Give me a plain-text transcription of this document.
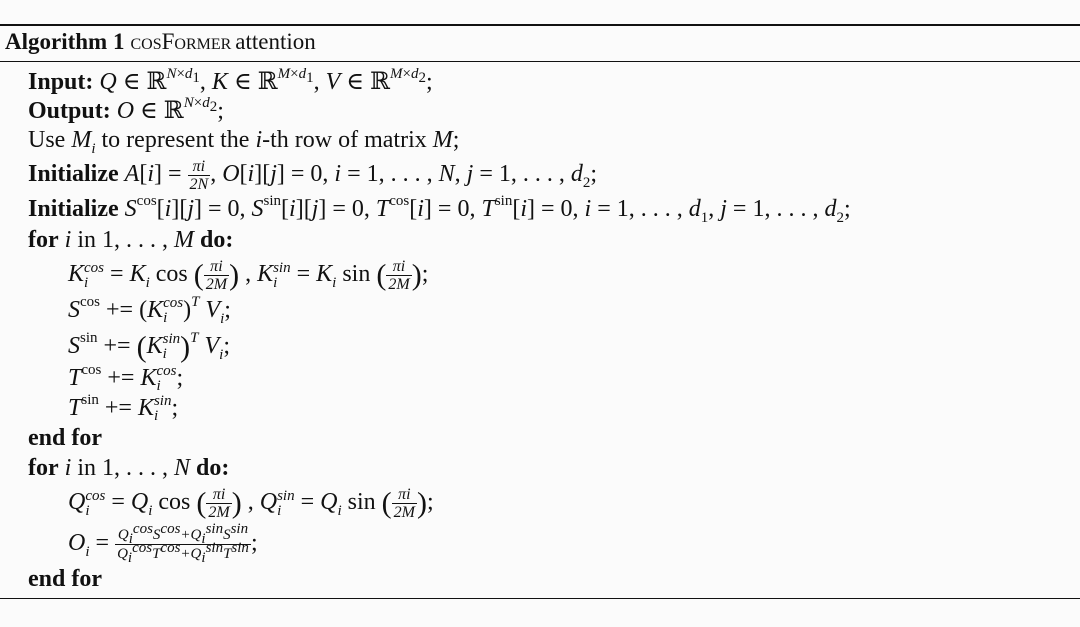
Algorithm 1 cosFormer attention
Input: Q ∈ ℝ$^{N\times d_1}$, K ∈ ℝ$^{M\times d_1}$, V ∈ ℝ$^{M\times d_2}$;
Output: O ∈ ℝ$^{N\times d_2}$;
Use $M_i$ to represent the i-th row of matrix M;
Initialize $A[i] = \frac{\pi i}{2N}$ , O[i][j] = 0, i = 1, . . . , N, j = 1, . . . , $d_2$;
Initialize $S^{cos}[i][j] = 0$, $S^{sin}[i][j] = 0$, $T^{cos}[i] = 0$, $T^{sin}[i] = 0$, i = 1, . . . , $d_1$, j = 1, . . . , $d_2$;
for i in 1, . . . , M do:
K cos
$i = K_i$ cos ( $\frac{\pi i}{2M}$ ) , K sin
$i = K_i$ sin ( $\frac{\pi i}{2M}$ );
$S^{cos} += (K$ cos
i )$^T$ $V_i$;
$S^{sin} += (K$ sin
i )$^T$ $V_i$;
$T^{cos} += K$ cos
i ;
$T^{sin} += K$ sin
i ;
end for
for i in 1, . . . , N do:
Q cos
$i = Q_i$ cos ( $\frac{\pi i}{2M}$ ) , Q sin
$i = Q_i$ sin ( $\frac{\pi i}{2M}$ );
$O_i = \frac{Q_i^{cos}S^{cos}+Q_i^{sin}S^{sin}}{Q_i^{cos}T^{cos}+Q_i^{sin}T^{sin}}$ ;
end for
